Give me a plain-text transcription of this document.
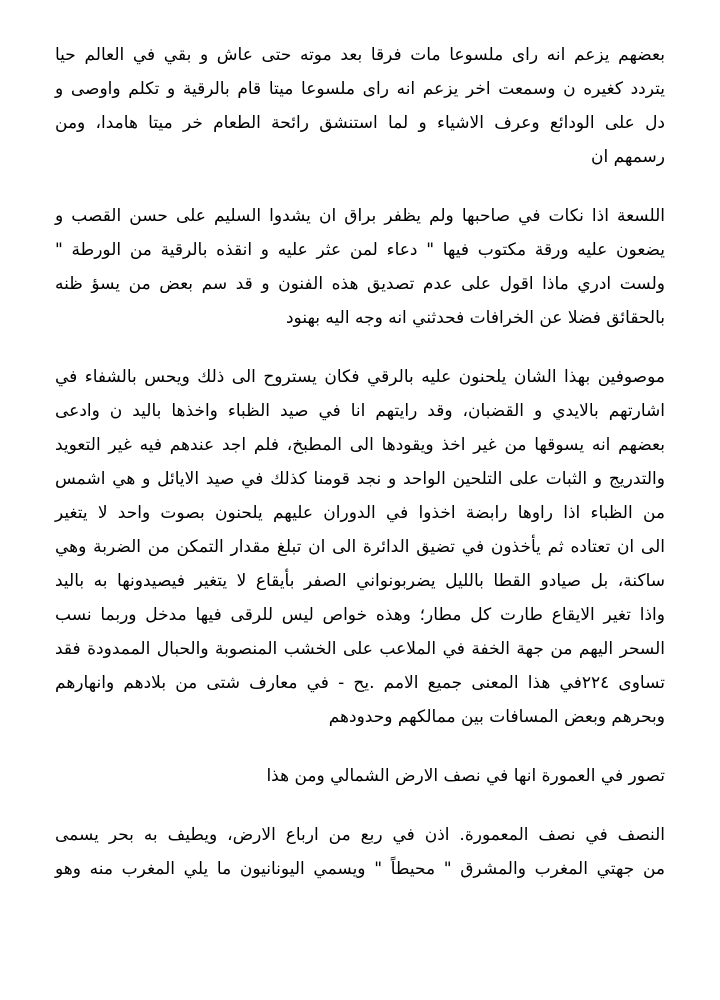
بعضهم يزعم انه راى ملسوعا مات فرقا بعد موته حتى عاش و بقي في العالم حيا
يتردد كغيره ن وسمعت اخر يزعم انه راى ملسوعا ميتا قام بالرقية و تكلم واوصى و
دل على الودائع وعرف الاشياء و لما استنشق رائحة الطعام خر ميتا هامدا، ومن
رسمهم ان
اللسعة اذا نكات في صاحبها ولم يظفر براق ان يشدوا السليم على حسن القصب و
يضعون عليه ورقة مكتوب فيها " دعاء لمن عثر عليه و انقذه بالرقية من الورطة "
ولست ادري ماذا اقول على عدم تصديق هذه الفنون و قد سم بعض من يسؤ ظنه
بالحقائق فضلا عن الخرافات فحدثني انه وجه اليه بهنود
موصوفين بهذا الشان يلحنون عليه بالرقي فكان يستروح الى ذلك ويحس بالشفاء في
اشارتهم بالايدي و القضبان، وقد رايتهم انا في صيد الظباء واخذها باليد ن وادعى
بعضهم انه يسوقها من غير اخذ ويقودها الى المطبخ، فلم اجد عندهم فيه غير التعويد
والتدريج و الثبات على التلحين الواحد و نجد قومنا كذلك في صيد الايائل و هي اشمس
من الظباء اذا راوها رابضة اخذوا في الدوران عليهم يلحنون بصوت واحد لا يتغير
الى ان تعتاده ثم يأخذون في تضيق الدائرة الى ان تبلغ مقدار التمكن من الضربة وهي
ساكنة، بل صيادو القطا بالليل يضربونواني الصفر بأيقاع لا يتغير فيصيدونها به باليد
واذا تغير الايقاع طارت كل مطار؛ وهذه خواص ليس للرقى فيها مدخل وربما نسب
السحر اليهم من جهة الخفة في الملاعب على الخشب المنصوبة والحبال الممدودة فقد
تساوى ٢٢٤في هذا المعنى جميع الامم .يح - في معارف شتى من بلادهم وانهارهم
وبحرهم وبعض المسافات بين ممالكهم وحدودهم
تصور في العمورة انها في نصف الارض الشمالي ومن هذا
النصف في نصف المعمورة. اذن في ربع من ارباع الارض، ويطيف به بحر يسمى
من جهتي المغرب والمشرق " محيطاً " ويسمي اليونانيون ما يلي المغرب منه وهو
